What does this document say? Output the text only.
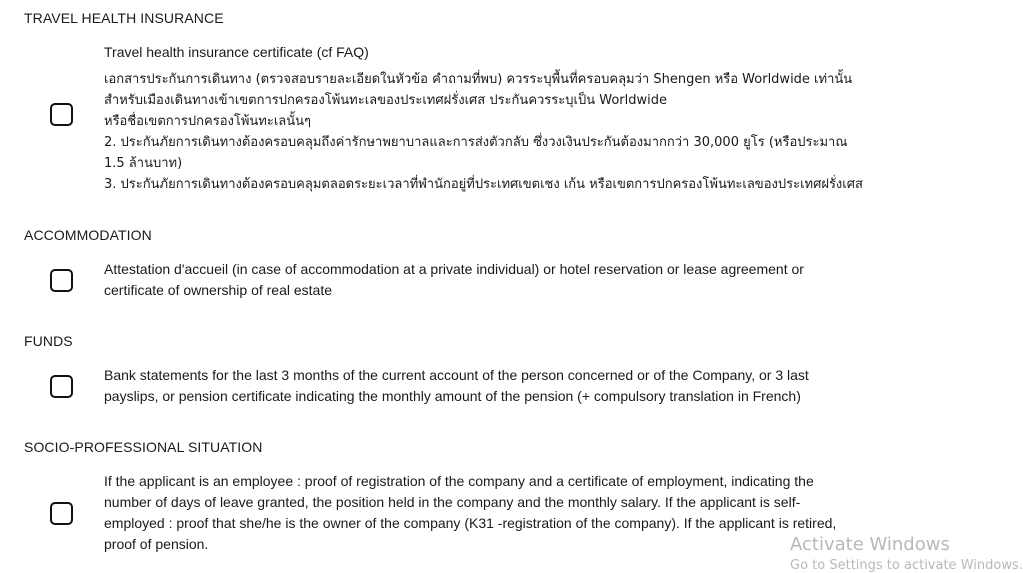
TRAVEL HEALTH INSURANCE
Travel health insurance certificate (cf FAQ)
เอกสารประกันการเดินทาง (ตรวจสอบรายละเอียดในหัวข้อ คำถามที่พบ) ควรระบุพื้นที่ครอบคลุมว่า Shengen หรือ Worldwide เท่านั้น
สำหรับเมืองเดินทางเข้าเขตการปกครองโพ้นทะเลของประเทศฝรั่งเศส ประกันควรระบุเป็น Worldwide
หรือชื่อเขตการปกครองโพ้นทะเลนั้นๆ
2. ประกันภัยการเดินทางต้องครอบคลุมถึงค่ารักษาพยาบาลและการส่งตัวกลับ ซึ่งวงเงินประกันต้องมากกว่า 30,000 ยูโร (หรือประมาณ
1.5 ล้านบาท)
3. ประกันภัยการเดินทางต้องครอบคลุมตลอดระยะเวลาที่พำนักอยู่ที่ประเทศเขตเชง เก้น หรือเขตการปกครองโพ้นทะเลของประเทศฝรั่งเศส
ACCOMMODATION
Attestation d'accueil (in case of accommodation at a private individual) or hotel reservation or lease agreement or
certificate of ownership of real estate
FUNDS
Bank statements for the last 3 months of the current account of the person concerned or of the Company, or 3 last
payslips, or pension certificate indicating the monthly amount of the pension (+ compulsory translation in French)
SOCIO-PROFESSIONAL SITUATION
If the applicant is an employee : proof of registration of the company and a certificate of employment, indicating the
number of days of leave granted, the position held in the company and the monthly salary. If the applicant is self-
employed : proof that she/he is the owner of the company (K31 -registration of the company). If the applicant is retired,
proof of pension.	Activate Windows
Go to Settings to activate Windows.
